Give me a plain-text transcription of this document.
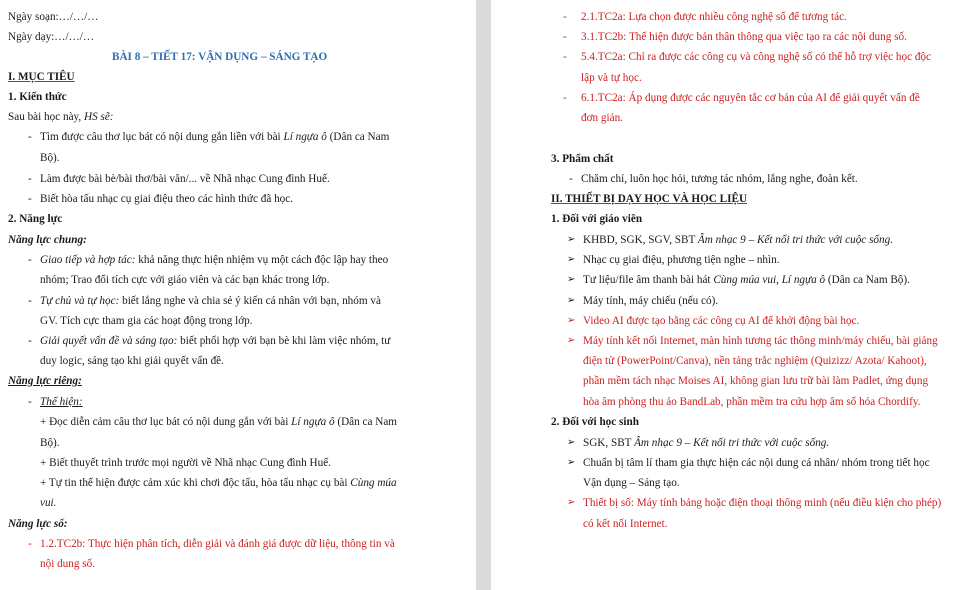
Ngày soạn:…/…/…
Ngày dạy:…/…/…
BÀI 8 – TIẾT 17: VẬN DỤNG – SÁNG TẠO
I. MỤC TIÊU
1. Kiến thức
Sau bài học này, HS sẽ:
- Tìm được câu thơ lục bát có nội dung gắn liền với bài Lí ngựa ô (Dân ca Nam
Bộ).
- Làm được bài bè/bài thơ/bài văn/... về Nhã nhạc Cung đình Huế.
- Biết hòa tấu nhạc cụ giai điệu theo các hình thức đã học.
2. Năng lực
Năng lực chung:
- Giao tiếp và hợp tác: khả năng thực hiện nhiệm vụ một cách độc lập hay theo
nhóm; Trao đổi tích cực với giáo viên và các bạn khác trong lớp.
- Tự chủ và tự học: biết lắng nghe và chia sẻ ý kiến cá nhân với bạn, nhóm và
GV. Tích cực tham gia các hoạt động trong lớp.
- Giải quyết vấn đề và sáng tạo: biết phối hợp với bạn bè khi làm việc nhóm, tư
duy logic, sáng tạo khi giải quyết vấn đề.
Năng lực riêng:
- Thể hiện:
+ Đọc diễn cảm câu thơ lục bát có nội dung gắn với bài Lí ngựa ô (Dân ca Nam
Bộ).
+ Biết thuyết trình trước mọi người về Nhã nhạc Cung đình Huế.
+ Tự tin thể hiện được cảm xúc khi chơi độc tấu, hòa tấu nhạc cụ bài Cùng múa
vui.
Năng lực số:
- 1.2.TC2b: Thực hiện phân tích, diễn giải và đánh giá được dữ liệu, thông tin và
nội dung số.
- 2.1.TC2a: Lựa chọn được nhiều công nghệ số để tương tác.
- 3.1.TC2b: Thể hiện được bản thân thông qua việc tạo ra các nội dung số.
- 5.4.TC2a: Chỉ ra được các công cụ và công nghệ số có thể hỗ trợ việc học độc
lập và tự học.
- 6.1.TC2a: Áp dụng được các nguyên tắc cơ bản của AI để giải quyết vấn đề
đơn giản.
3. Phẩm chất
- Chăm chỉ, luôn học hỏi, tương tác nhóm, lắng nghe, đoàn kết.
II. THIẾT BỊ DẠY HỌC VÀ HỌC LIỆU
1. Đối với giáo viên
➢ KHBD, SGK, SGV, SBT Âm nhạc 9 – Kết nối tri thức với cuộc sống.
➢ Nhạc cụ giai điệu, phương tiện nghe – nhìn.
➢ Tư liệu/file âm thanh bài hát Cùng múa vui, Lí ngựa ô (Dân ca Nam Bộ).
➢ Máy tính, máy chiếu (nếu có).
➢ Video AI được tạo bằng các công cụ AI để khởi động bài học.
➢ Máy tính kết nối Internet, màn hình tương tác thông minh/máy chiếu, bài giảng
điện tử (PowerPoint/Canva), nền tảng trắc nghiệm (Quizizz/ Azota/ Kahoot),
phần mềm tách nhạc Moises AI, không gian lưu trữ bài làm Padlet, ứng dụng
hòa âm phòng thu ảo BandLab, phần mềm tra cứu hợp âm số hóa Chordify.
2. Đối với học sinh
➢ SGK, SBT Âm nhạc 9 – Kết nối tri thức với cuộc sống.
➢ Chuẩn bị tâm lí tham gia thực hiện các nội dung cá nhân/ nhóm trong tiết học
Vận dụng – Sáng tạo.
➢ Thiết bị số: Máy tính bảng hoặc điện thoại thông minh (nếu điều kiện cho phép)
có kết nối Internet.
